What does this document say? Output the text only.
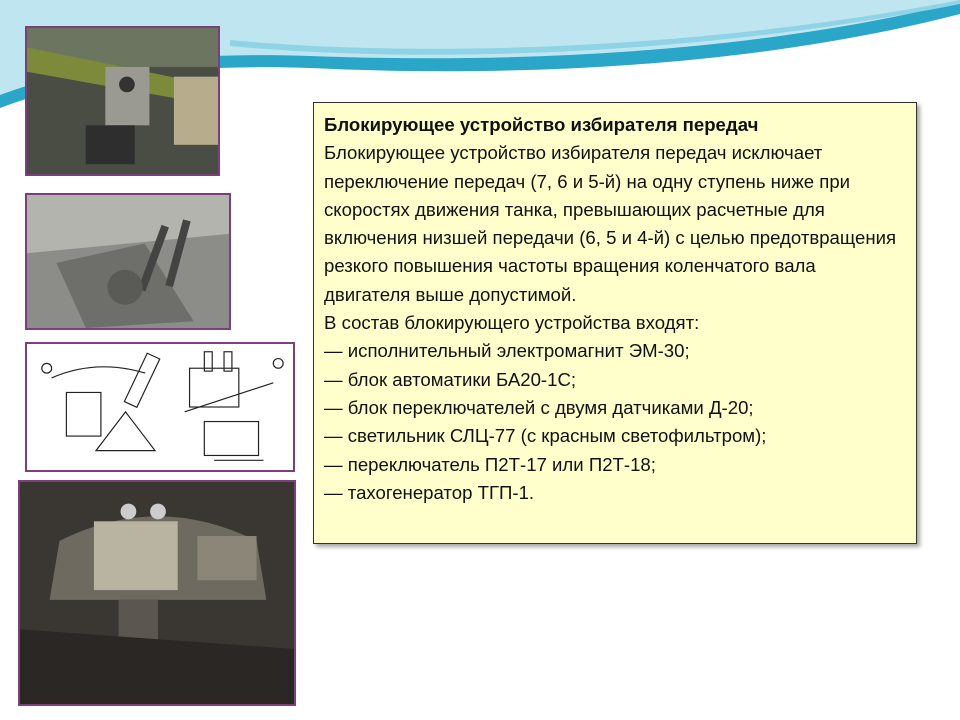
Блокирующее устройство избирателя передач

Блокирующее устройство избирателя передач исключает переключение передач (7, 6 и 5-й) на одну ступень ниже при скоростях движения танка, превышающих расчетные для включения низшей передачи (6, 5 и 4-й) с целью предотвращения резкого повышения частоты вращения коленчатого вала двигателя выше допустимой.

В состав блокирующего устройства входят:

— исполнительный электромагнит ЭМ-30;
— блок автоматики БА20-1С;
— блок переключателей с двумя датчиками Д-20;
— светильник СЛЦ-77 (с красным светофильтром);
— переключатель П2Т-17 или П2Т-18;
— тахогенератор ТГП-1.
